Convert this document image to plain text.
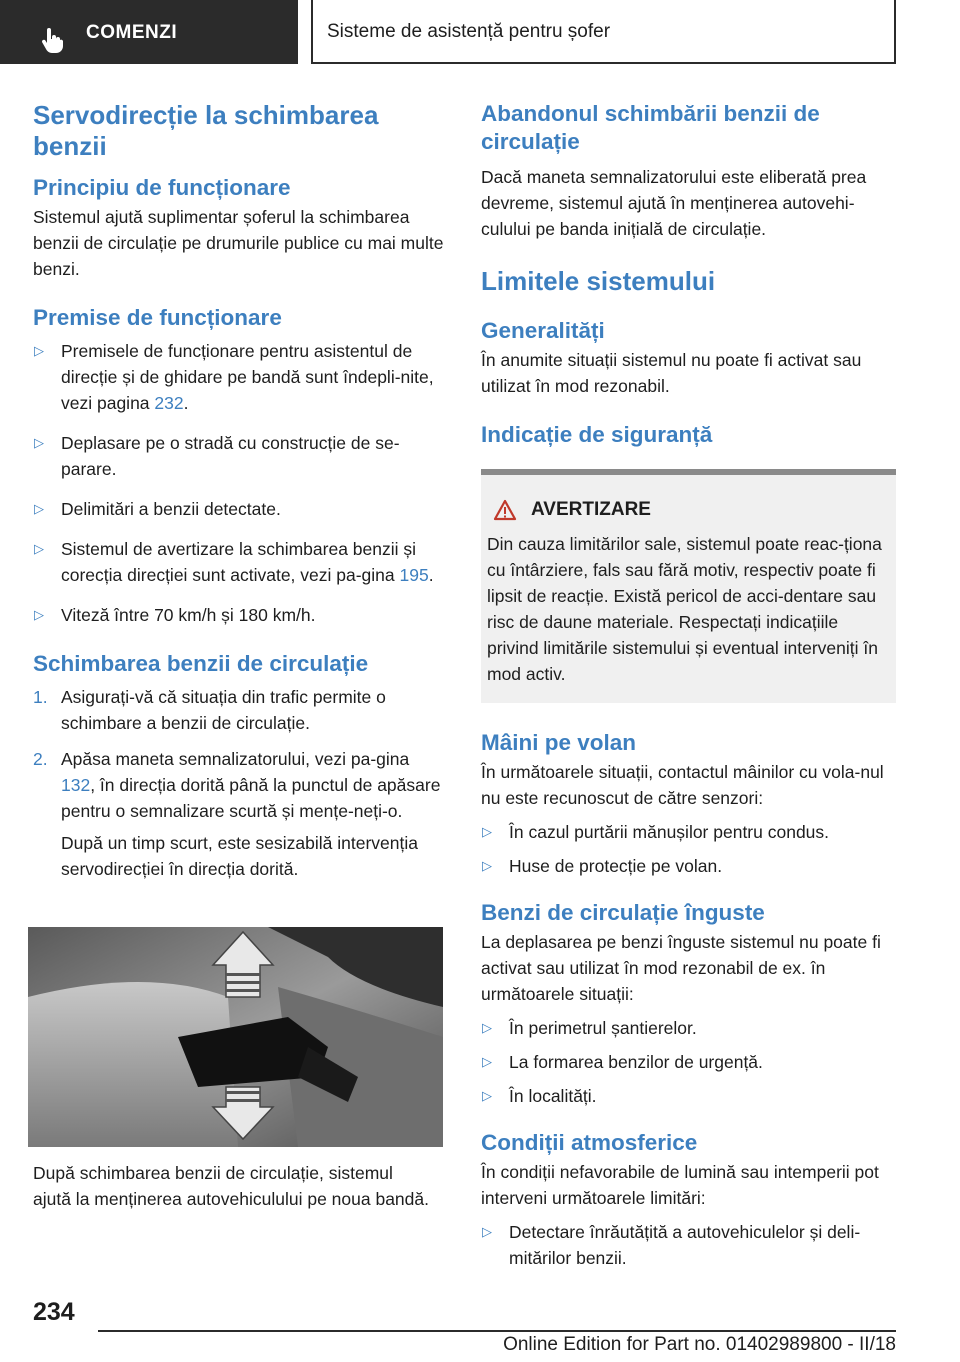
COMENZI	Sisteme de asistență pentru șofer
Servodirecție la schimbarea benzii
Principiu de funcționare

Sistemul ajută suplimentar șoferul la schimbarea benzii de circulație pe drumurile publice cu mai multe benzi.

Premise de funcționare
▷ Premisele de funcționare pentru asistentul de direcție și de ghidare pe bandă sunt îndepli-nite, vezi pagina 232.
▷ Deplasare pe o stradă cu construcție de se-parare.
▷ Delimitări a benzii detectate.
▷ Sistemul de avertizare la schimbarea benzii și corecția direcției sunt activate, vezi pa-gina 195.
▷ Viteză între 70 km/h și 180 km/h.
Schimbarea benzii de circulație
1. Asigurați-vă că situația din trafic permite o schimbare a benzii de circulație.
2. Apăsa maneta semnalizatorului, vezi pa-gina 132, în direcția dorită până la punctul de apăsare pentru o semnalizare scurtă și mențe-neți-o.

După un timp scurt, este sesizabilă intervenția servodirecției în direcția dorită.

După schimbarea benzii de circulație, sistemul ajută la menținerea autovehiculului pe noua bandă.

Abandonul schimbării benzii de circulație

Dacă maneta semnalizatorului este eliberată prea devreme, sistemul ajută în menținerea autovehi-culului pe banda inițială de circulație.

Limitele sistemului
Generalități

În anumite situații sistemul nu poate fi activat sau utilizat în mod rezonabil.

Indicație de siguranță
AVERTIZARE

Din cauza limitărilor sale, sistemul poate reac-ționa cu întârziere, fals sau fără motiv, respectiv poate fi lipsit de reacție. Există pericol de acci-dentare sau risc de daune materiale. Respectați indicațiile privind limitările sistemului și eventual interveniți în mod activ.

Mâini pe volan

În următoarele situații, contactul mâinilor cu vola-nul nu este recunoscut de către senzori:

▷ În cazul purtării mănușilor pentru condus.
▷ Huse de protecție pe volan.
Benzi de circulație înguste

La deplasarea pe benzi înguste sistemul nu poate fi activat sau utilizat în mod rezonabil de ex. în următoarele situații:

▷ În perimetrul șantierelor.
▷ La formarea benzilor de urgență.
▷ În localități.
Condiții atmosferice

În condiții nefavorabile de lumină sau intemperii pot interveni următoarele limitări:

▷ Detectare înrăutățită a autovehiculelor și deli-mitărilor benzii.
234
Online Edition for Part no. 01402989800 - II/18
